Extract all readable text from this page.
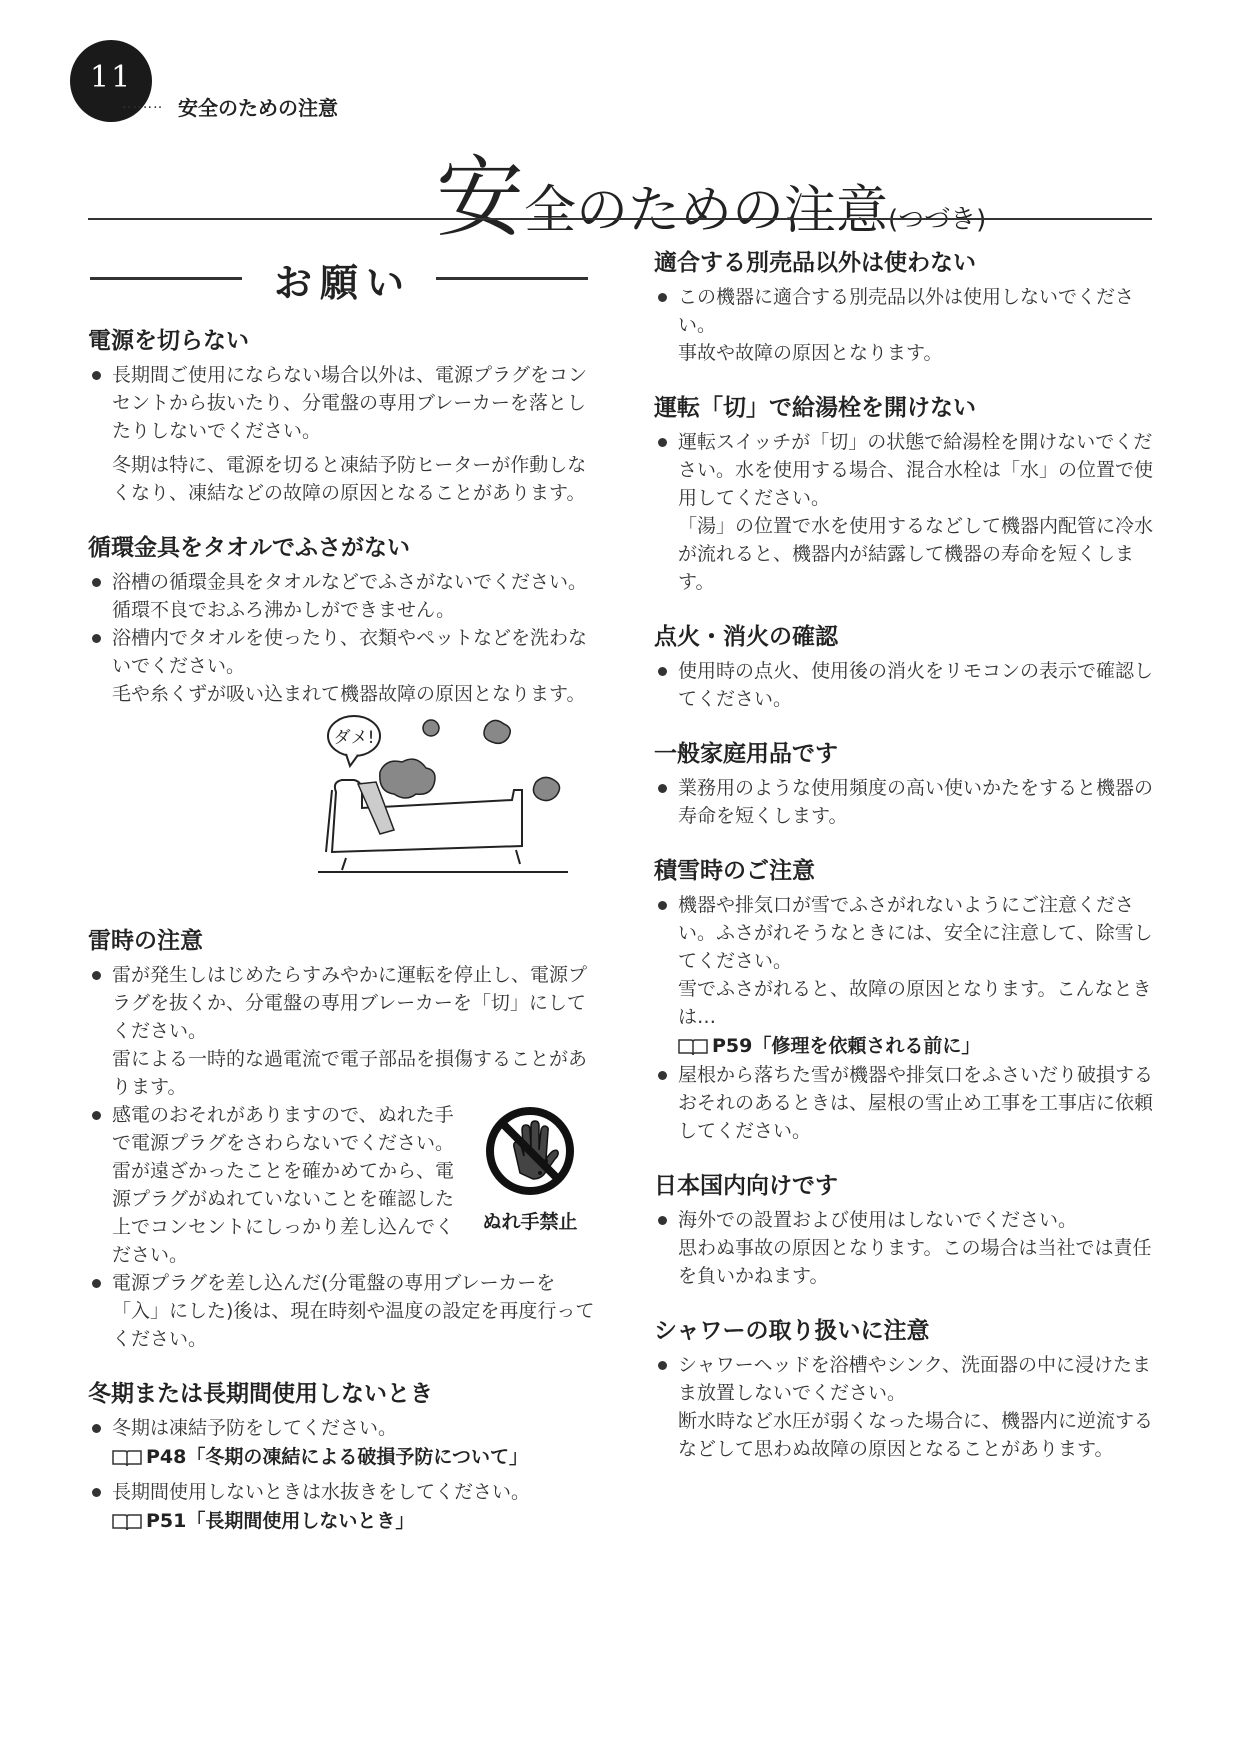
11
‥‥‥‥ 安全のための注意
安全のための注意(つづき)
お願い
電源を切らない
長期間ご使用にならない場合以外は、電源プラグをコンセントから抜いたり、分電盤の専用ブレーカーを落としたりしないでください。
冬期は特に、電源を切ると凍結予防ヒーターが作動しなくなり、凍結などの故障の原因となることがあります。
循環金具をタオルでふさがない
浴槽の循環金具をタオルなどでふさがないでください。
循環不良でおふろ沸かしができません。
浴槽内でタオルを使ったり、衣類やペットなどを洗わないでください。
毛や糸くずが吸い込まれて機器故障の原因となります。
ダメ!
雷時の注意
雷が発生しはじめたらすみやかに運転を停止し、電源プラグを抜くか、分電盤の専用ブレーカーを「切」にしてください。
雷による一時的な過電流で電子部品を損傷することがあります。
感電のおそれがありますので、ぬれた手で電源プラグをさわらないでください。雷が遠ざかったことを確かめてから、電源プラグがぬれていないことを確認した上でコンセントにしっかり差し込んでください。
ぬれ手禁止
電源プラグを差し込んだ(分電盤の専用ブレーカーを「入」にした)後は、現在時刻や温度の設定を再度行ってください。
冬期または長期間使用しないとき
冬期は凍結予防をしてください。
P48「冬期の凍結による破損予防について」
長期間使用しないときは水抜きをしてください。
P51「長期間使用しないとき」
適合する別売品以外は使わない
この機器に適合する別売品以外は使用しないでください。
事故や故障の原因となります。
運転「切」で給湯栓を開けない
運転スイッチが「切」の状態で給湯栓を開けないでください。水を使用する場合、混合水栓は「水」の位置で使用してください。
「湯」の位置で水を使用するなどして機器内配管に冷水が流れると、機器内が結露して機器の寿命を短くします。
点火・消火の確認
使用時の点火、使用後の消火をリモコンの表示で確認してください。
一般家庭用品です
業務用のような使用頻度の高い使いかたをすると機器の寿命を短くします。
積雪時のご注意
機器や排気口が雪でふさがれないようにご注意ください。ふさがれそうなときには、安全に注意して、除雪してください。
雪でふさがれると、故障の原因となります。こんなときは…
P59「修理を依頼される前に」
屋根から落ちた雪が機器や排気口をふさいだり破損するおそれのあるときは、屋根の雪止め工事を工事店に依頼してください。
日本国内向けです
海外での設置および使用はしないでください。
思わぬ事故の原因となります。この場合は当社では責任を負いかねます。
シャワーの取り扱いに注意
シャワーヘッドを浴槽やシンク、洗面器の中に浸けたまま放置しないでください。
断水時など水圧が弱くなった場合に、機器内に逆流するなどして思わぬ故障の原因となることがあります。
